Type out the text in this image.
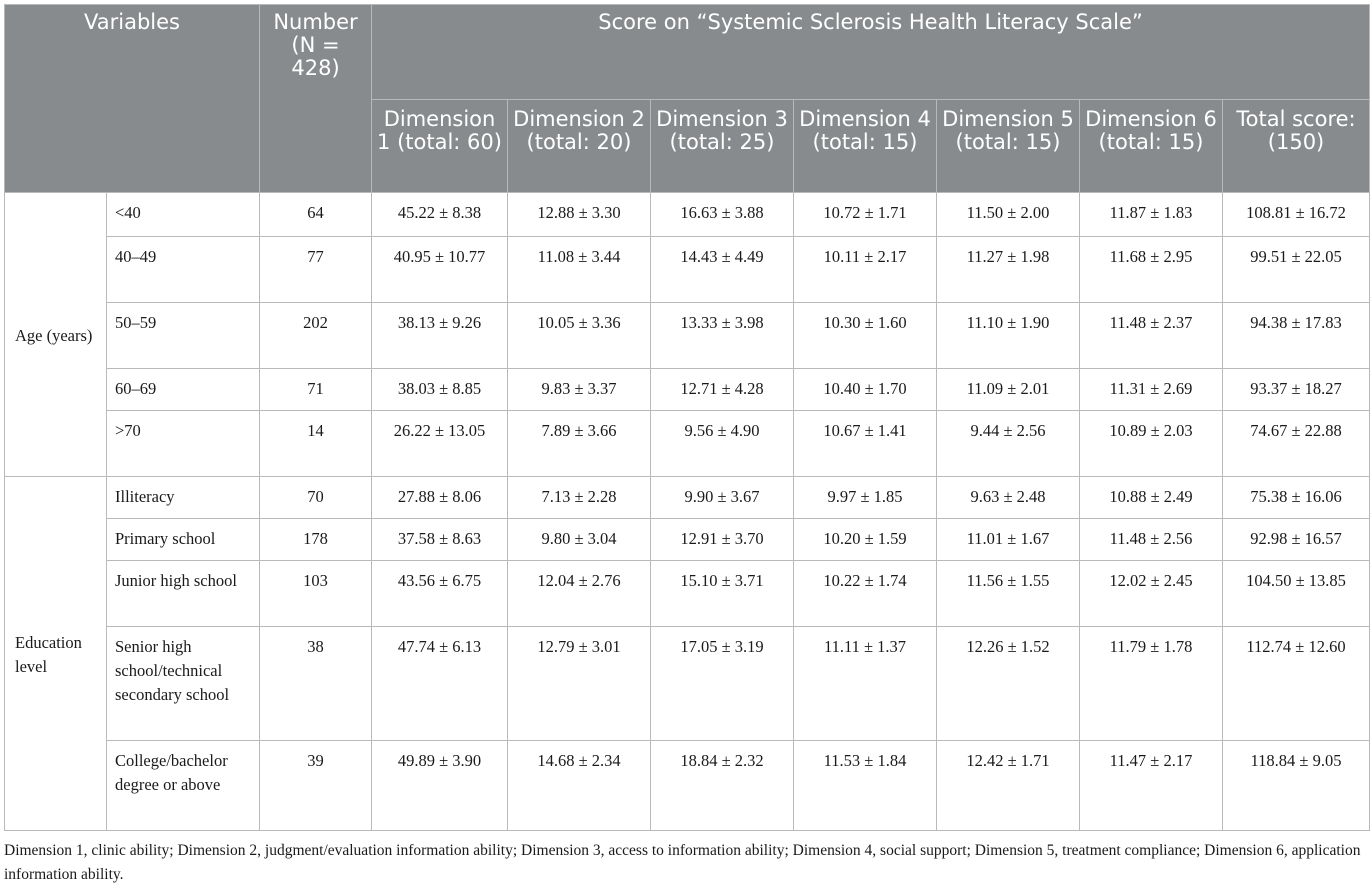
Variables		Number (N = 428)	Score on “Systemic Sclerosis Health Literacy Scale”						
			Dimension 1 (total: 60)	Dimension 2 (total: 20)	Dimension 3 (total: 25)	Dimension 4 (total: 15)	Dimension 5 (total: 15)	Dimension 6 (total: 15)	Total score: (150)
Age (years)	<40	64	45.22 ± 8.38	12.88 ± 3.30	16.63 ± 3.88	10.72 ± 1.71	11.50 ± 2.00	11.87 ± 1.83	108.81 ± 16.72
	40–49	77	40.95 ± 10.77	11.08 ± 3.44	14.43 ± 4.49	10.11 ± 2.17	11.27 ± 1.98	11.68 ± 2.95	99.51 ± 22.05
	50–59	202	38.13 ± 9.26	10.05 ± 3.36	13.33 ± 3.98	10.30 ± 1.60	11.10 ± 1.90	11.48 ± 2.37	94.38 ± 17.83
	60–69	71	38.03 ± 8.85	9.83 ± 3.37	12.71 ± 4.28	10.40 ± 1.70	11.09 ± 2.01	11.31 ± 2.69	93.37 ± 18.27
	>70	14	26.22 ± 13.05	7.89 ± 3.66	9.56 ± 4.90	10.67 ± 1.41	9.44 ± 2.56	10.89 ± 2.03	74.67 ± 22.88
Education level	Illiteracy	70	27.88 ± 8.06	7.13 ± 2.28	9.90 ± 3.67	9.97 ± 1.85	9.63 ± 2.48	10.88 ± 2.49	75.38 ± 16.06
	Primary school	178	37.58 ± 8.63	9.80 ± 3.04	12.91 ± 3.70	10.20 ± 1.59	11.01 ± 1.67	11.48 ± 2.56	92.98 ± 16.57
	Junior high school	103	43.56 ± 6.75	12.04 ± 2.76	15.10 ± 3.71	10.22 ± 1.74	11.56 ± 1.55	12.02 ± 2.45	104.50 ± 13.85
	Senior high school/technical secondary school	38	47.74 ± 6.13	12.79 ± 3.01	17.05 ± 3.19	11.11 ± 1.37	12.26 ± 1.52	11.79 ± 1.78	112.74 ± 12.60
	College/bachelor degree or above	39	49.89 ± 3.90	14.68 ± 2.34	18.84 ± 2.32	11.53 ± 1.84	12.42 ± 1.71	11.47 ± 2.17	118.84 ± 9.05
Dimension 1, clinic ability; Dimension 2, judgment/evaluation information ability; Dimension 3, access to information ability; Dimension 4, social support; Dimension 5, treatment compliance; Dimension 6, application information ability.
